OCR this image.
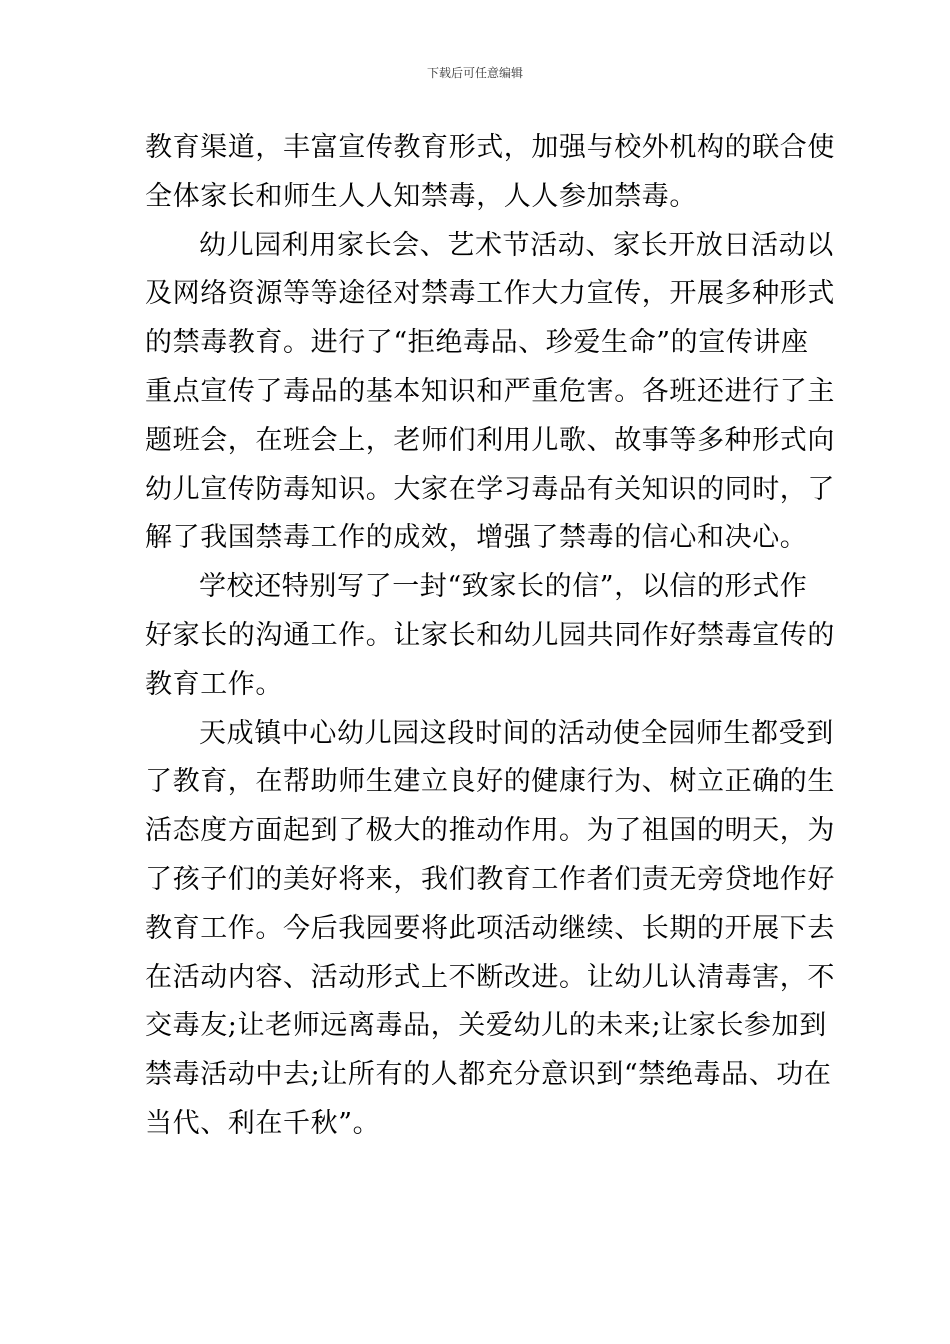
下载后可任意编辑
教育渠道，丰富宣传教育形式，加强与校外机构的联合使
全体家长和师生人人知禁毒，人人参加禁毒。
幼儿园利用家长会、艺术节活动、家长开放日活动以
及网络资源等等途径对禁毒工作大力宣传，开展多种形式
的禁毒教育。进行了“拒绝毒品、珍爱生命”的宣传讲座
重点宣传了毒品的基本知识和严重危害。各班还进行了主
题班会，在班会上，老师们利用儿歌、故事等多种形式向
幼儿宣传防毒知识。大家在学习毒品有关知识的同时，了
解了我国禁毒工作的成效，增强了禁毒的信心和决心。
学校还特别写了一封“致家长的信”，以信的形式作
好家长的沟通工作。让家长和幼儿园共同作好禁毒宣传的
教育工作。
天成镇中心幼儿园这段时间的活动使全园师生都受到
了教育，在帮助师生建立良好的健康行为、树立正确的生
活态度方面起到了极大的推动作用。为了祖国的明天，为
了孩子们的美好将来，我们教育工作者们责无旁贷地作好
教育工作。今后我园要将此项活动继续、长期的开展下去
在活动内容、活动形式上不断改进。让幼儿认清毒害，不
交毒友;让老师远离毒品，关爱幼儿的未来;让家长参加到
禁毒活动中去;让所有的人都充分意识到“禁绝毒品、功在
当代、利在千秋”。
